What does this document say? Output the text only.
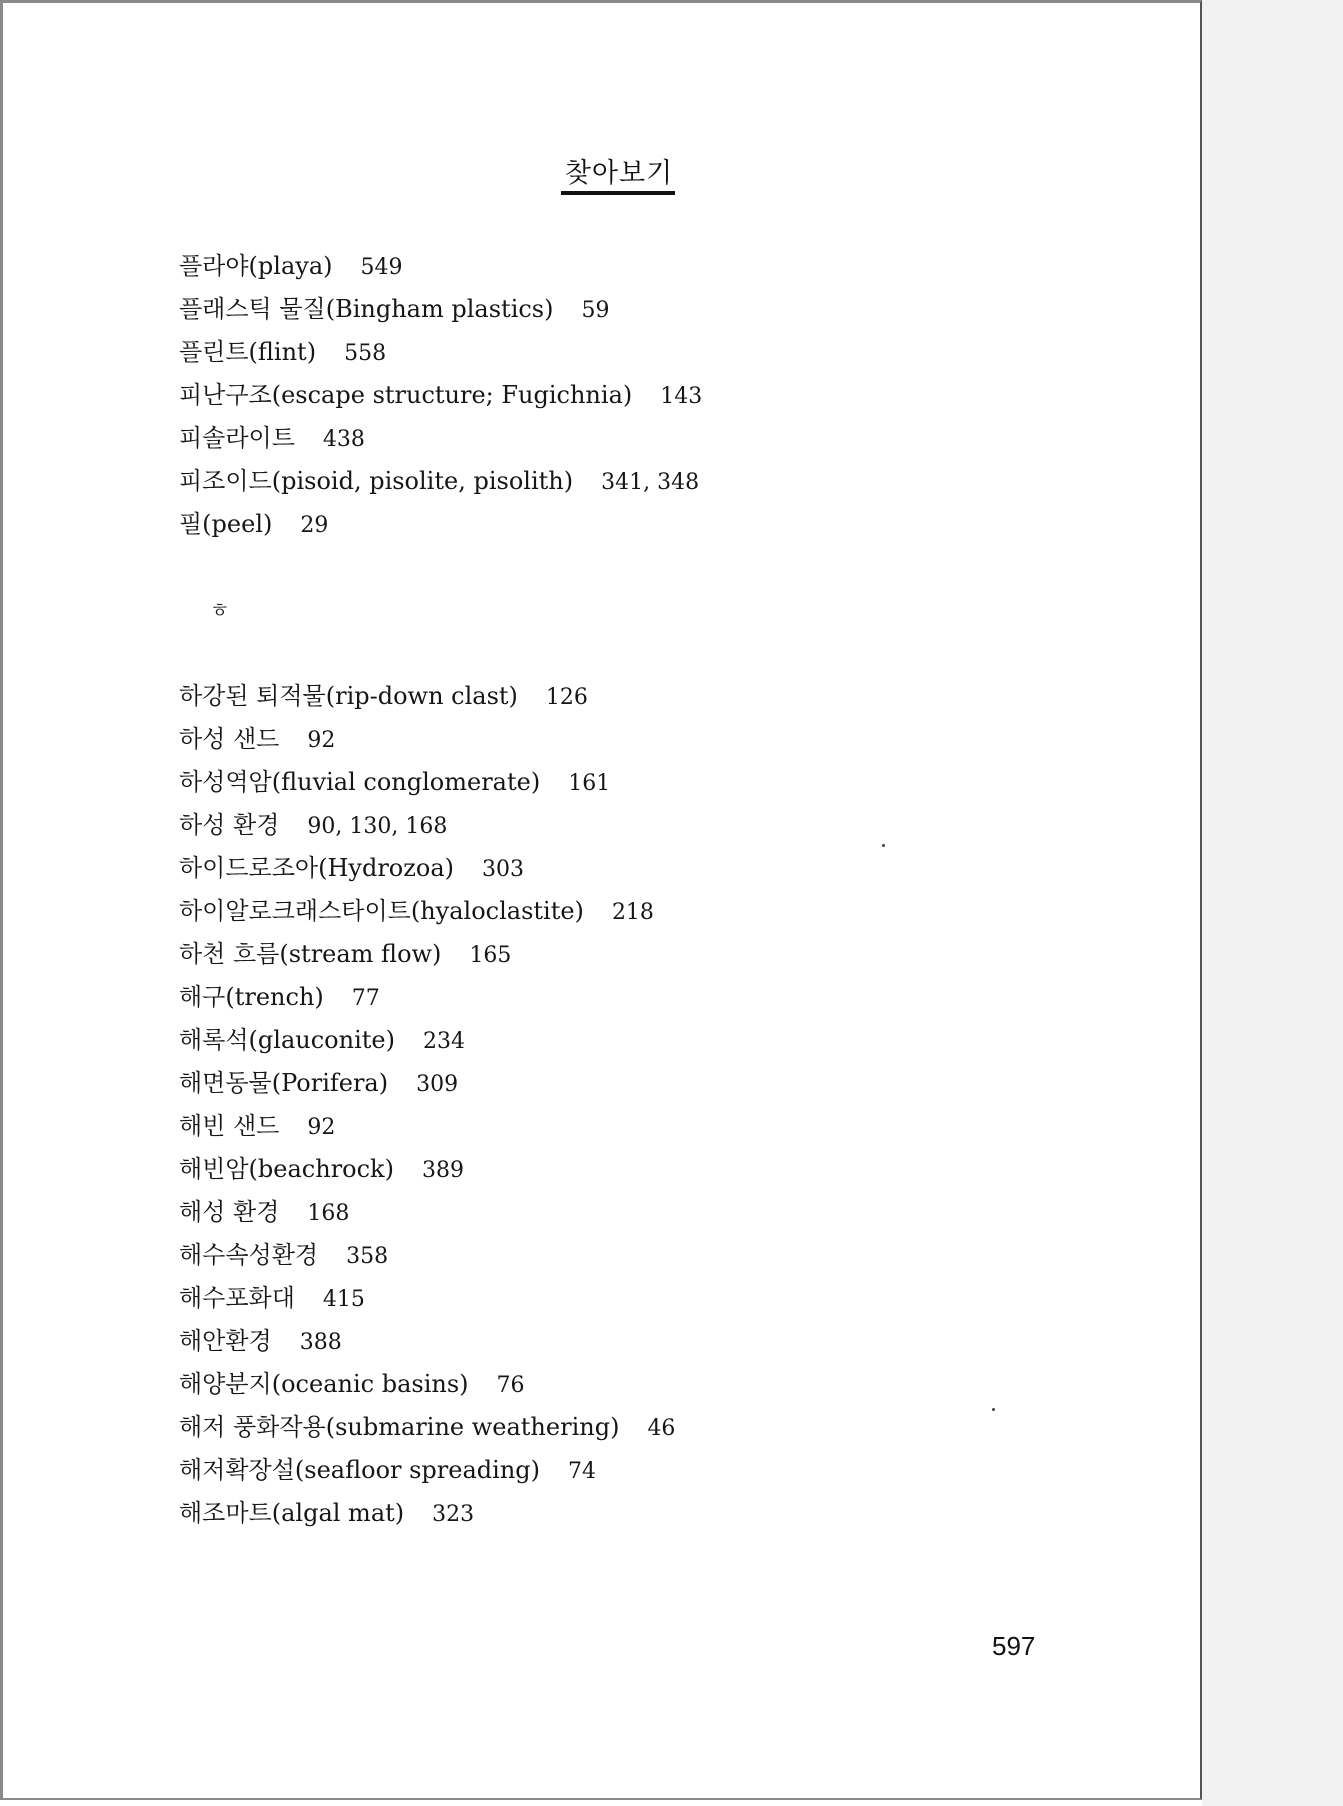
찾아보기
플라야(playa) 549
플래스틱 물질(Bingham plastics) 59
플린트(flint) 558
피난구조(escape structure; Fugichnia) 143
피솔라이트 438
피조이드(pisoid, pisolite, pisolith) 341, 348
필(peel) 29
ㅎ
하강된 퇴적물(rip-down clast) 126
하성 샌드 92
하성역암(fluvial conglomerate) 161
하성 환경 90, 130, 168
하이드로조아(Hydrozoa) 303
하이알로크래스타이트(hyaloclastite) 218
하천 흐름(stream flow) 165
해구(trench) 77
해록석(glauconite) 234
해면동물(Porifera) 309
해빈 샌드 92
해빈암(beachrock) 389
해성 환경 168
해수속성환경 358
해수포화대 415
해안환경 388
해양분지(oceanic basins) 76
해저 풍화작용(submarine weathering) 46
해저확장설(seafloor spreading) 74
해조마트(algal mat) 323
597
